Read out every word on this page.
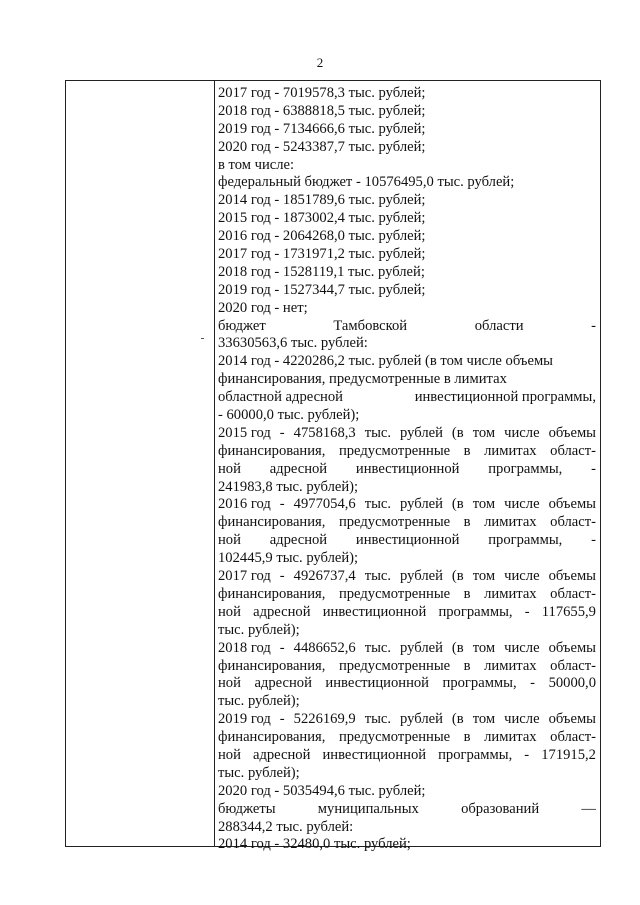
2
2017 год - 7019578,3 тыс. рублей;
2018 год - 6388818,5 тыс. рублей;
2019 год - 7134666,6 тыс. рублей;
2020 год - 5243387,7 тыс. рублей;
в том числе:
федеральный бюджет - 10576495,0 тыс. рублей;
2014 год - 1851789,6 тыс. рублей;
2015 год - 1873002,4 тыс. рублей;
2016 год - 2064268,0 тыс. рублей;
2017 год - 1731971,2 тыс. рублей;
2018 год - 1528119,1 тыс. рублей;
2019 год - 1527344,7 тыс. рублей;
2020 год - нет;
бюджет	Тамбовской	области	-
33630563,6 тыс. рублей:
2014 год - 4220286,2 тыс. рублей (в том числе объемы
финансирования, предусмотренные в лимитах
областной адресной	инвестиционной программы,
- 60000,0 тыс. рублей);
2015 год - 4758168,3 тыс. рублей (в том числе объемы
финансирования, предусмотренные в лимитах област-
ной адресной инвестиционной программы, -
241983,8 тыс. рублей);
2016 год - 4977054,6 тыс. рублей (в том числе объемы
финансирования, предусмотренные в лимитах област-
ной адресной инвестиционной программы, -
102445,9 тыс. рублей);
2017 год - 4926737,4 тыс. рублей (в том числе объемы
финансирования, предусмотренные в лимитах област-
ной адресной инвестиционной программы, - 117655,9
тыс. рублей);
2018 год - 4486652,6 тыс. рублей (в том числе объемы
финансирования, предусмотренные в лимитах област-
ной адресной инвестиционной программы, - 50000,0
тыс. рублей);
2019 год - 5226169,9 тыс. рублей (в том числе объемы
финансирования, предусмотренные в лимитах област-
ной адресной инвестиционной программы, - 171915,2
тыс. рублей);
2020 год - 5035494,6 тыс. рублей;
бюджеты	муниципальных	образований	—
288344,2 тыс. рублей:
2014 год - 32480,0 тыс. рублей;
